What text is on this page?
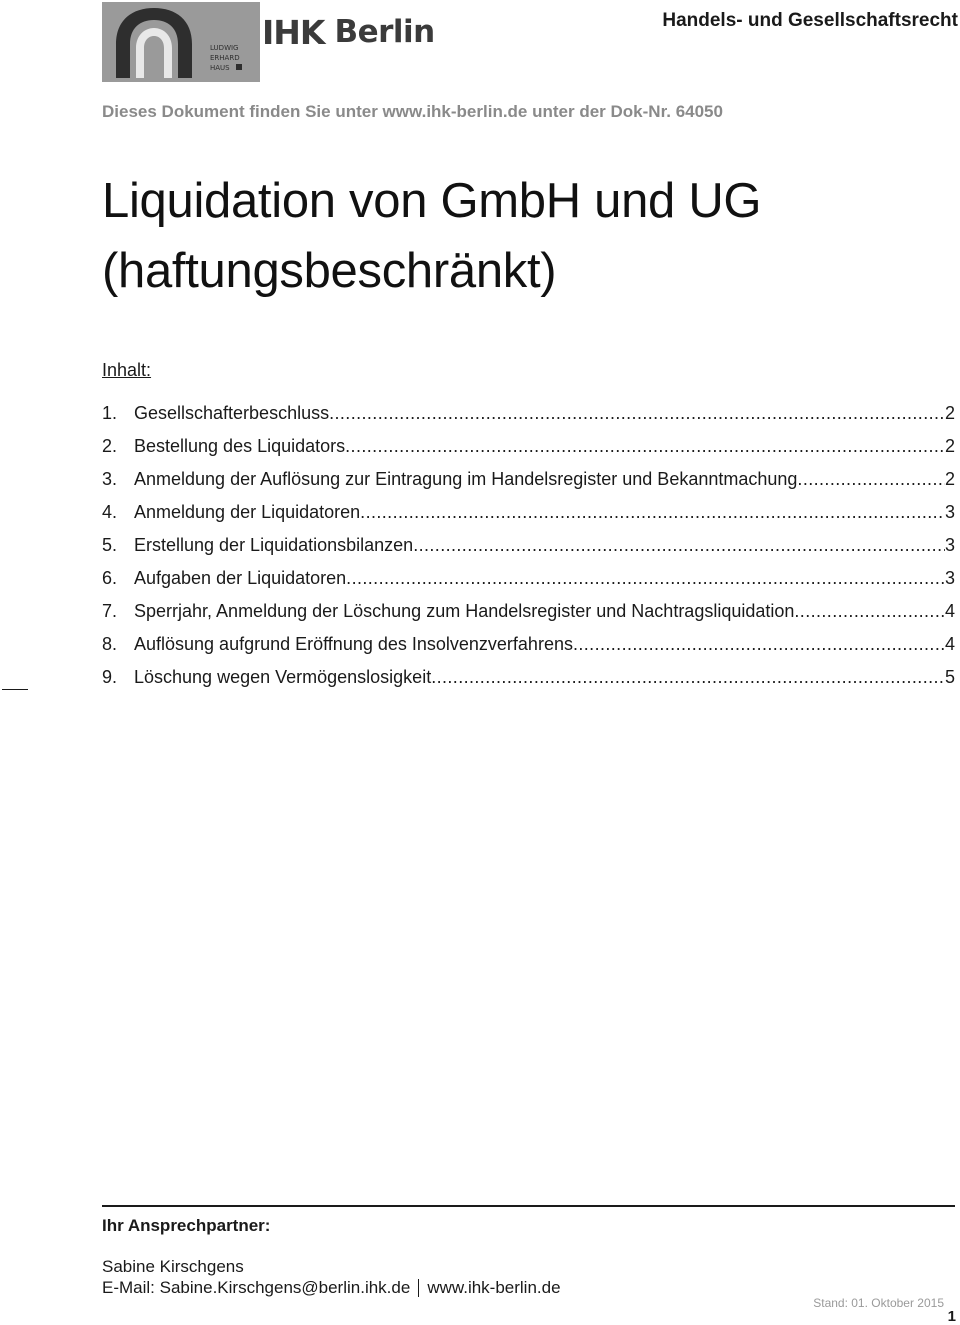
LUDWIG
ERHARD
HAUS
IHK Berlin	Handels- und Gesellschaftsrecht
Dieses Dokument finden Sie unter www.ihk-berlin.de unter der Dok-Nr. 64050
Liquidation von GmbH und UG
(haftungsbeschränkt)
Inhalt:
1. Gesellschafterbeschluss .....	2
2. Bestellung des Liquidators .....	2
3. Anmeldung der Auflösung zur Eintragung im Handelsregister und Bekanntmachung .....	2
4. Anmeldung der Liquidatoren .....	3
5. Erstellung der Liquidationsbilanzen .....	3
6. Aufgaben der Liquidatoren .....	3
7. Sperrjahr, Anmeldung der Löschung zum Handelsregister und Nachtragsliquidation .....	4
8. Auflösung aufgrund Eröffnung des Insolvenzverfahrens .....	4
9. Löschung wegen Vermögenslosigkeit .....	5
Ihr Ansprechpartner:
Sabine Kirschgens
E-Mail:
Sabine.Kirschgens@berlin.ihk.de www.ihk-berlin.de
Stand: 01. Oktober 2015
1
